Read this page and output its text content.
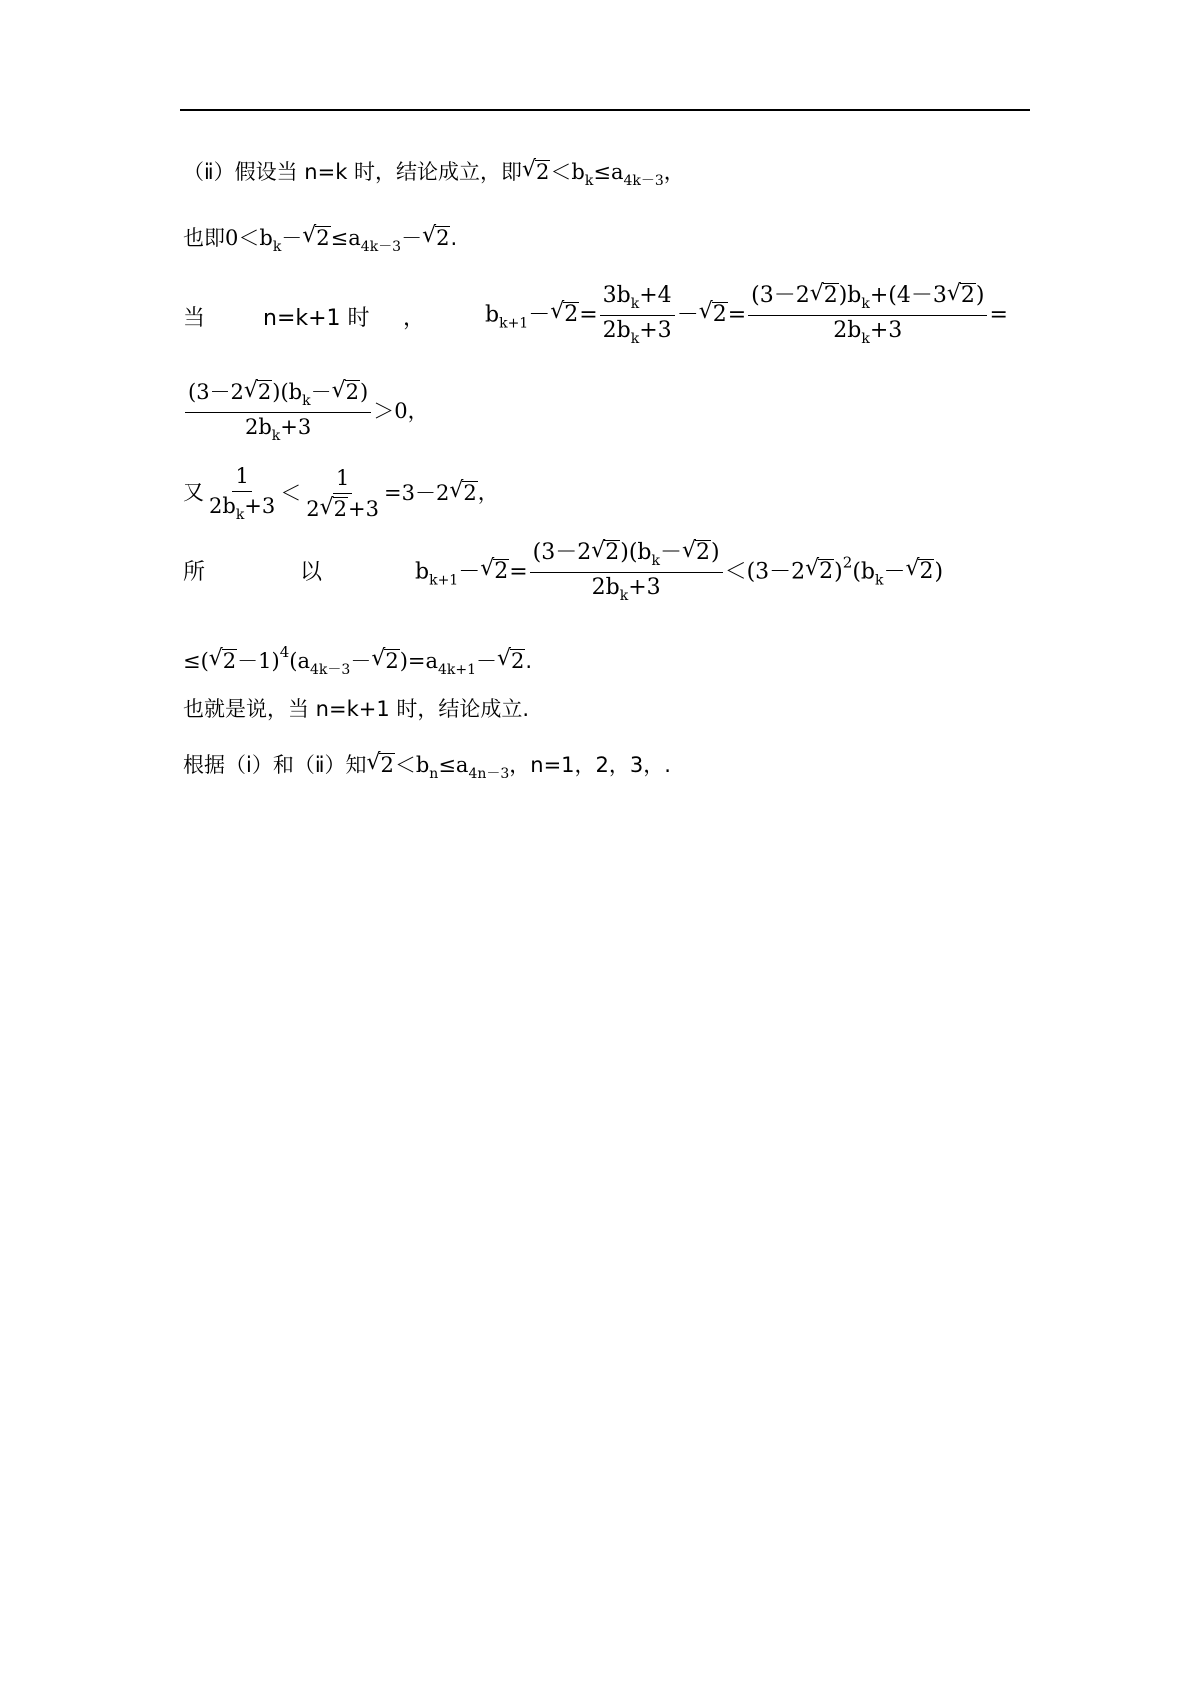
（ⅱ）假设当 n=k 时，结论成立，即√ $2<b_k\le a_{4k-3}$，
也即$0<b_k-√$ $2\le a_{4k-3}-√$ 2.
当	n=k+1 时 ，	$b_{k+1}-√$ $2= \frac{3b_k+4}{2b_k+3}$ －√ $2= \frac{(3-2√ 2)b_k+(4-3√ 2)}{2b_k+3}$ =
$\frac{(3-2√ 2)(b_k-√ 2)}{2b_k+3} >0$，
又 $\frac{1}{2b_k+3} < \frac{1}{2√ 2+3} =3-2√$ 2，
所	以	$b_{k+1}-√$ $2= \frac{(3-2√ 2)(b_k-√ 2)}{2b_k+3} <(3-2√$ $2)^2(b_k-√$ 2)
≤(√ $2-1)^4(a_{4k-3}-√$ $2)=a_{4k+1}-√$ 2.
也就是说，当 n=k+1 时，结论成立.
根据（ⅰ）和（ⅱ）知√ $2<b_n\le a_{4n-3}$，n=1，2，3，.
